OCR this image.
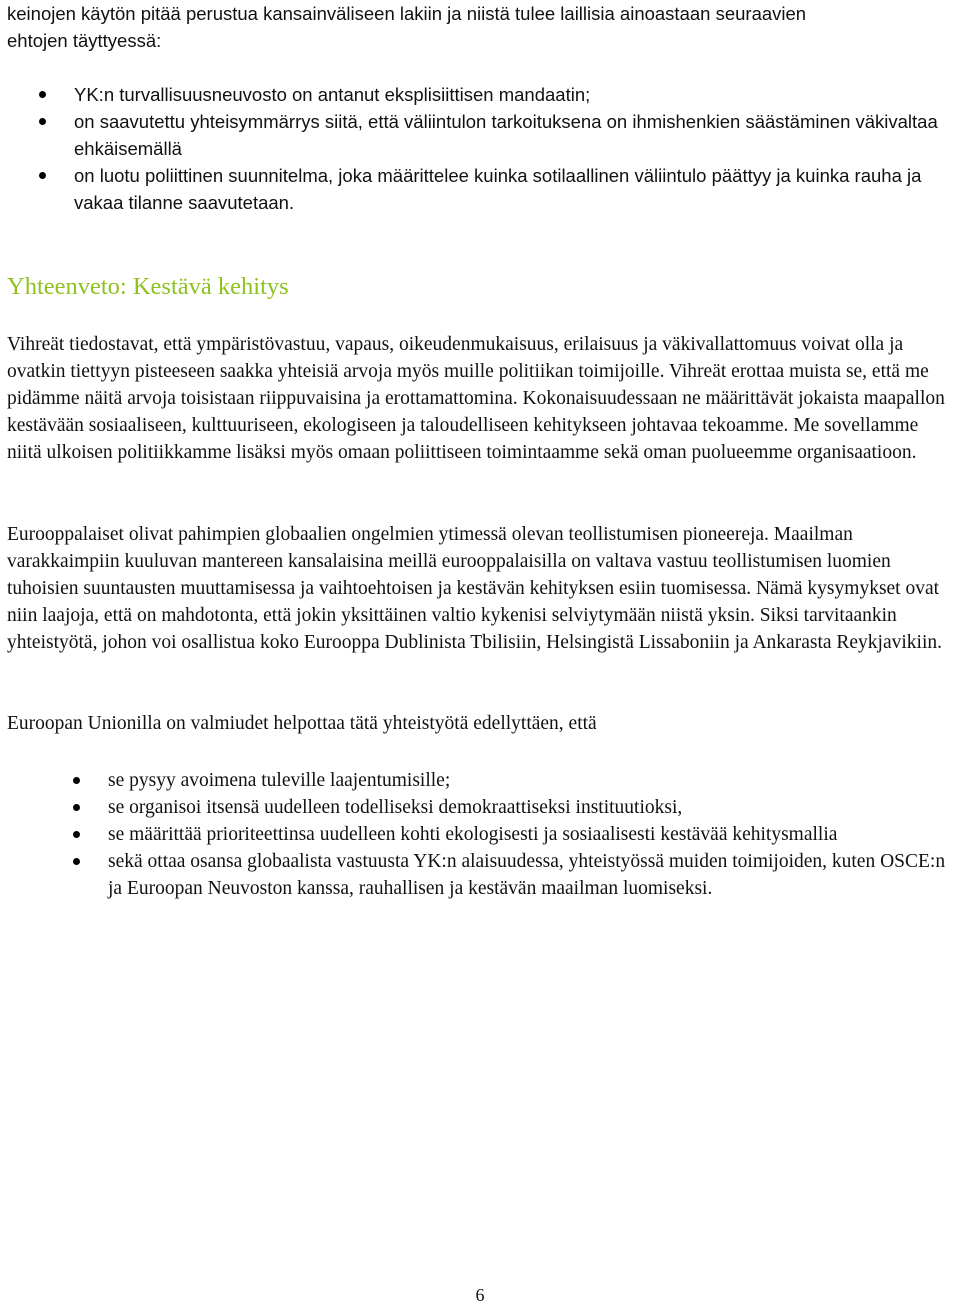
keinojen käytön pitää perustua kansainväliseen lakiin ja niistä tulee laillisia ainoastaan seuraavien
ehtojen täyttyessä:
YK:n turvallisuusneuvosto on antanut eksplisiittisen mandaatin;
on saavutettu yhteisymmärrys siitä, että väliintulon tarkoituksena on ihmishenkien säästäminen väkivaltaa ehkäisemällä
on luotu poliittinen suunnitelma, joka määrittelee kuinka sotilaallinen väliintulo päättyy ja kuinka rauha ja vakaa tilanne saavutetaan.
Yhteenveto: Kestävä kehitys

Vihreät tiedostavat, että ympäristövastuu, vapaus, oikeudenmukaisuus, erilaisuus ja väkivallattomuus voivat olla ja ovatkin tiettyyn pisteeseen saakka yhteisiä arvoja myös muille politiikan toimijoille. Vihreät erottaa muista se, että me pidämme näitä arvoja toisistaan riippuvaisina ja erottamattomina. Kokonaisuudessaan ne määrittävät jokaista maapallon kestävään sosiaaliseen, kulttuuriseen, ekologiseen ja taloudelliseen kehitykseen johtavaa tekoamme. Me sovellamme niitä ulkoisen politiikkamme lisäksi myös omaan poliittiseen toimintaamme sekä oman puolueemme organisaatioon.

Eurooppalaiset olivat pahimpien globaalien ongelmien ytimessä olevan teollistumisen pioneereja. Maailman varakkaimpiin kuuluvan mantereen kansalaisina meillä eurooppalaisilla on valtava vastuu teollistumisen luomien tuhoisien suuntausten muuttamisessa ja vaihtoehtoisen ja kestävän kehityksen esiin tuomisessa. Nämä kysymykset ovat niin laajoja, että on mahdotonta, että jokin yksittäinen valtio kykenisi selviytymään niistä yksin. Siksi tarvitaankin yhteistyötä, johon voi osallistua koko Eurooppa Dublinista Tbilisiin, Helsingistä Lissaboniin ja Ankarasta Reykjavikiin.

Euroopan Unionilla on valmiudet helpottaa tätä yhteistyötä edellyttäen, että

se pysyy avoimena tuleville laajentumisille;
se organisoi itsensä uudelleen todelliseksi demokraattiseksi instituutioksi,
se määrittää prioriteettinsa uudelleen kohti ekologisesti ja sosiaalisesti kestävää kehitysmallia
sekä ottaa osansa globaalista vastuusta YK:n alaisuudessa, yhteistyössä muiden toimijoiden, kuten OSCE:n ja Euroopan Neuvoston kanssa, rauhallisen ja kestävän maailman luomiseksi.
6
